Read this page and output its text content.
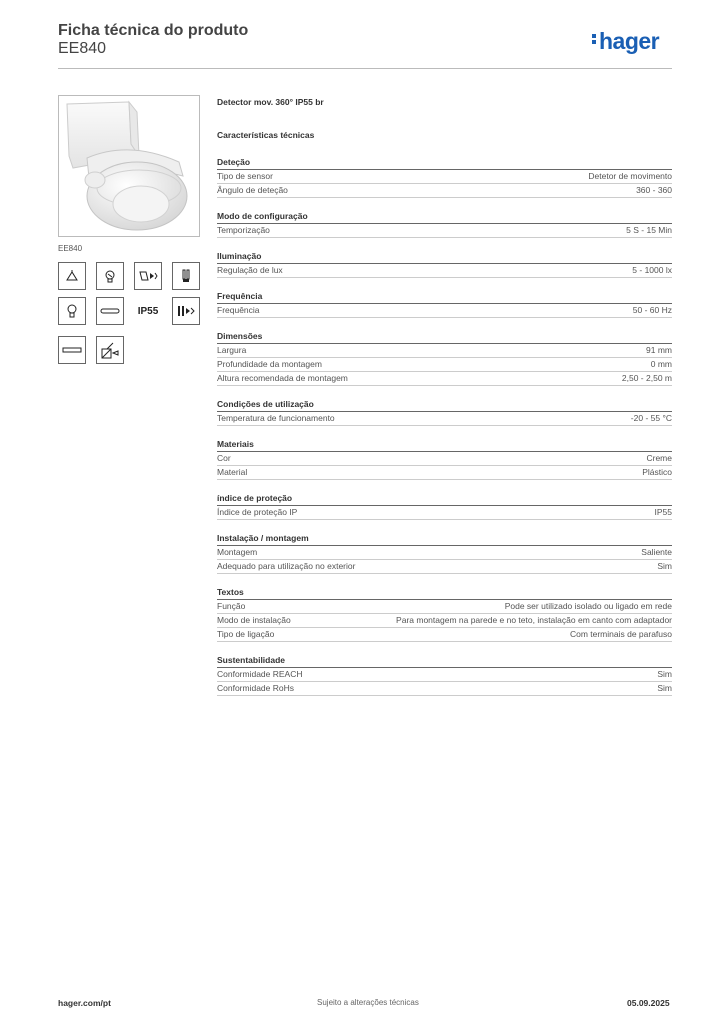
Ficha técnica do produto
EE840	hager
EE840
IP55
Detector mov. 360° IP55 br
Características técnicas
Deteção
Tipo de sensor	Detetor de movimento
Ângulo de deteção	360 - 360
Modo de configuração
Temporização	5 S - 15 Min
Iluminação
Regulação de lux	5 - 1000 lx
Frequência
Frequência	50 - 60 Hz
Dimensões
Largura	91 mm
Profundidade da montagem	0 mm
Altura recomendada de montagem	2,50 - 2,50 m
Condições de utilização
Temperatura de funcionamento	-20 - 55 °C
Materiais
Cor	Creme
Material	Plástico
índice de proteção
Índice de proteção IP	IP55
Instalação / montagem
Montagem	Saliente
Adequado para utilização no exterior	Sim
Textos
Função	Pode ser utilizado isolado ou ligado em rede
Modo de instalação	Para montagem na parede e no teto, instalação em canto com adaptador
Tipo de ligação	Com terminais de parafuso
Sustentabilidade
Conformidade REACH	Sim
Conformidade RoHs	Sim
hager.com/pt	Sujeito a alterações técnicas	05.09.2025
